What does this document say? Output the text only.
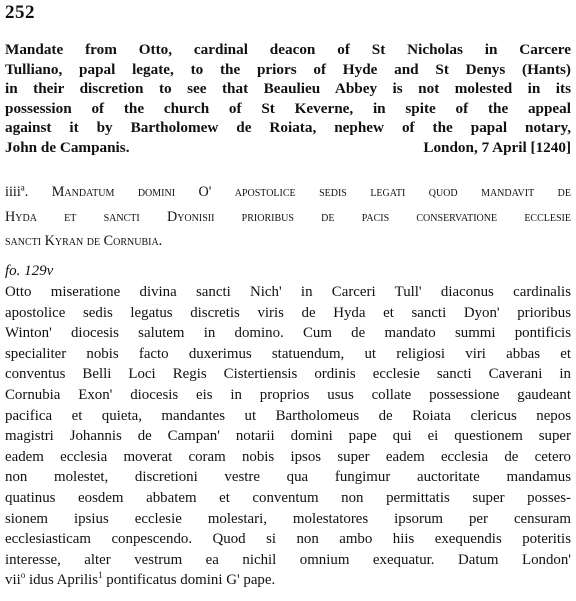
252
Mandate from Otto, cardinal deacon of St Nicholas in Carcere
Tulliano, papal legate, to the priors of Hyde and St Denys (Hants)
in their discretion to see that Beaulieu Abbey is not molested in its
possession of the church of St Keverne, in spite of the appeal
against it by Bartholomew de Roiata, nephew of the papal notary,
John de Campanis.	London, 7 April [1240]
iiii$^a$. Mandatum domini O' apostolice sedis legati quod mandavit de
Hyda et sancti Dyonisii prioribus de pacis conservatione ecclesie
sancti Kyran de Cornubia.
fo. 129v
Otto miseratione divina sancti Nich' in Carceri Tull' diaconus cardinalis
apostolice sedis legatus discretis viris de Hyda et sancti Dyon' prioribus
Winton' diocesis salutem in domino. Cum de mandato summi pontificis
specialiter nobis facto duxerimus statuendum, ut religiosi viri abbas et
conventus Belli Loci Regis Cistertiensis ordinis ecclesie sancti Caverani in
Cornubia Exon' diocesis eis in proprios usus collate possessione gaudeant
pacifica et quieta, mandantes ut Bartholomeus de Roiata clericus nepos
magistri Johannis de Campan' notarii domini pape qui ei questionem super
eadem ecclesia moverat coram nobis ipsos super eadem ecclesia de cetero
non molestet, discretioni vestre qua fungimur auctoritate mandamus
quatinus eosdem abbatem et conventum non permittatis super posses-
sionem ipsius ecclesie molestari, molestatores ipsorum per censuram
ecclesiasticam conpescendo. Quod si non ambo hiis exequendis poteritis
interesse, alter vestrum ea nichil omnium exequatur. Datum London'
vii$^o$ idus Aprilis$^1$ pontificatus domini G' pape.
